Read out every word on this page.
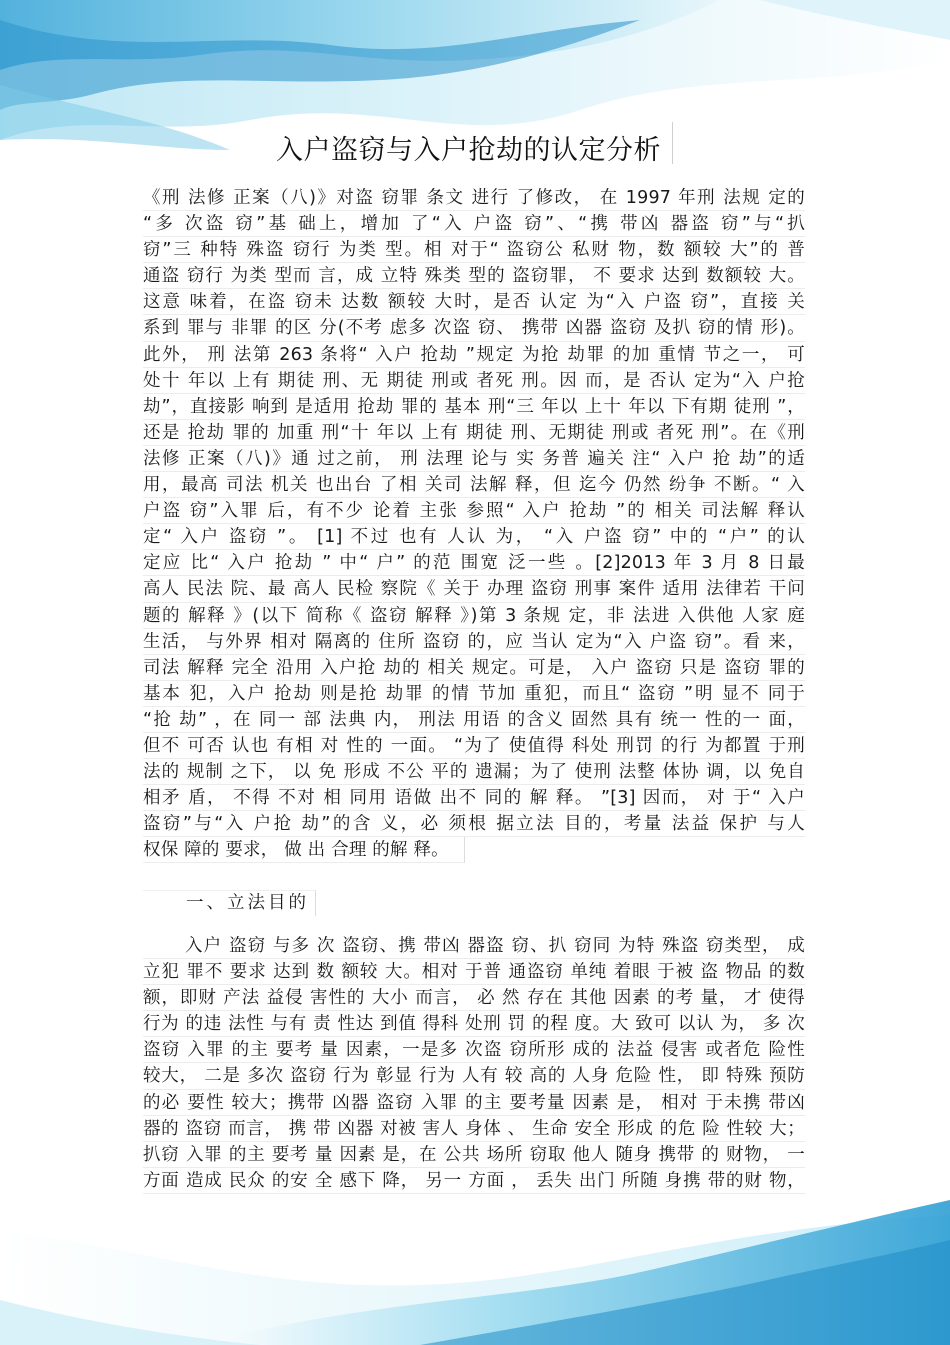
入户盗窃与入户抢劫的认定分析
《刑 法修 正案（八)》对盗 窃罪 条文 进行 了修改， 在 1997 年刑 法规 定的
“多 次盗 窃”基 础上，增加 了“入 户盗 窃”、“携 带凶 器盗 窃”与“扒
窃”三 种特 殊盗 窃行 为类 型。相 对于“ 盗窃公 私财 物，数 额较 大”的 普
通盗 窃行 为类 型而 言，成 立特 殊类 型的 盗窃罪， 不 要求 达到 数额较 大。
这意 味着，在盗 窃未 达数 额较 大时，是否 认定 为“入 户盗 窃”，直接 关
系到 罪与 非罪 的区 分(不考 虑多 次盗 窃、 携带 凶器 盗窃 及扒 窃的情 形)。
此外， 刑 法第 263 条将“ 入户 抢劫 ”规定 为抢 劫罪 的加 重情 节之一， 可
处十 年以 上有 期徒 刑、无 期徒 刑或 者死 刑。因 而，是 否认 定为“入 户抢
劫”，直接影 响到 是适用 抢劫 罪的 基本 刑“三 年以 上十 年以 下有期 徒刑 ”，
还是 抢劫 罪的 加重 刑“十 年以 上有 期徒 刑、无期徒 刑或 者死 刑”。在《刑
法修 正案（八)》通 过之前， 刑 法理 论与 实 务普 遍关 注“ 入户 抢 劫”的适
用，最高 司法 机关 也出台 了相 关司 法解 释，但 迄今 仍然 纷争 不断。“ 入
户盗 窃”入罪 后，有不少 论着 主张 参照“ 入户 抢劫 ”的 相关 司法解 释认
定“ 入户 盗窃 ”。 [1] 不过 也有 人认 为， “入 户盗 窃” 中的 “户” 的认
定应 比“ 入户 抢劫 ” 中“ 户” 的范 围宽 泛一些 。[2]2013 年 3 月 8 日最
高人 民法 院、最 高人 民检 察院《 关于 办理 盗窃 刑事 案件 适用 法律若 干问
题的 解释 》(以下 简称《 盗窃 解释 》)第 3 条规 定，非 法进 入供他 人家 庭
生活， 与外界 相对 隔离的 住所 盗窃 的，应 当认 定为“入 户盗 窃”。看 来，
司法 解释 完全 沿用 入户抢 劫的 相关 规定。可是， 入户 盗窃 只是 盗窃 罪的
基本 犯，入户 抢劫 则是抢 劫罪 的情 节加 重犯，而且“ 盗窃 ”明 显不 同于
“抢 劫” ，在 同一 部 法典 内， 刑法 用语 的含义 固然 具有 统一 性的一 面，
但不 可否 认也 有相 对 性的 一面。 “为了 使值得 科处 刑罚 的行 为都置 于刑
法的 规制 之下， 以 免 形成 不公 平的 遗漏；为了 使刑 法整 体协 调，以 免自
相矛 盾， 不得 不对 相 同用 语做 出不 同的 解 释。 ”[3] 因而， 对 于“ 入户
盗窃”与“入 户抢 劫”的含 义，必 须根 据立法 目的，考量 法益 保护 与人
权保 障的 要求， 做 出 合理 的解 释。
一、立法目的
入户 盗窃 与多 次 盗窃、携 带凶 器盗 窃、扒 窃同 为特 殊盗 窃类型， 成
立犯 罪不 要求 达到 数 额较 大。相对 于普 通盗窃 单纯 着眼 于被 盗 物品 的数
额，即财 产法 益侵 害性的 大小 而言， 必 然 存在 其他 因素 的考 量， 才 使得
行为 的违 法性 与有 责 性达 到值 得科 处刑 罚 的程 度。大 致可 以认 为， 多 次
盗窃 入罪 的主 要考 量 因素，一是多 次盗 窃所形 成的 法益 侵害 或者危 险性
较大， 二是 多次 盗窃 行为 彰显 行为 人有 较 高的 人身 危险 性， 即 特殊 预防
的必 要性 较大；携带 凶器 盗窃 入罪 的主 要考量 因素 是， 相对 于未携 带凶
器的 盗窃 而言， 携 带 凶器 对被 害人 身体 、 生命 安全 形成 的危 险 性较 大；
扒窃 入罪 的主 要考 量 因素 是，在 公共 场所 窃取 他人 随身 携带 的 财物， 一
方面 造成 民众 的安 全 感下 降， 另一 方面 ， 丢失 出门 所随 身携 带的财 物，
